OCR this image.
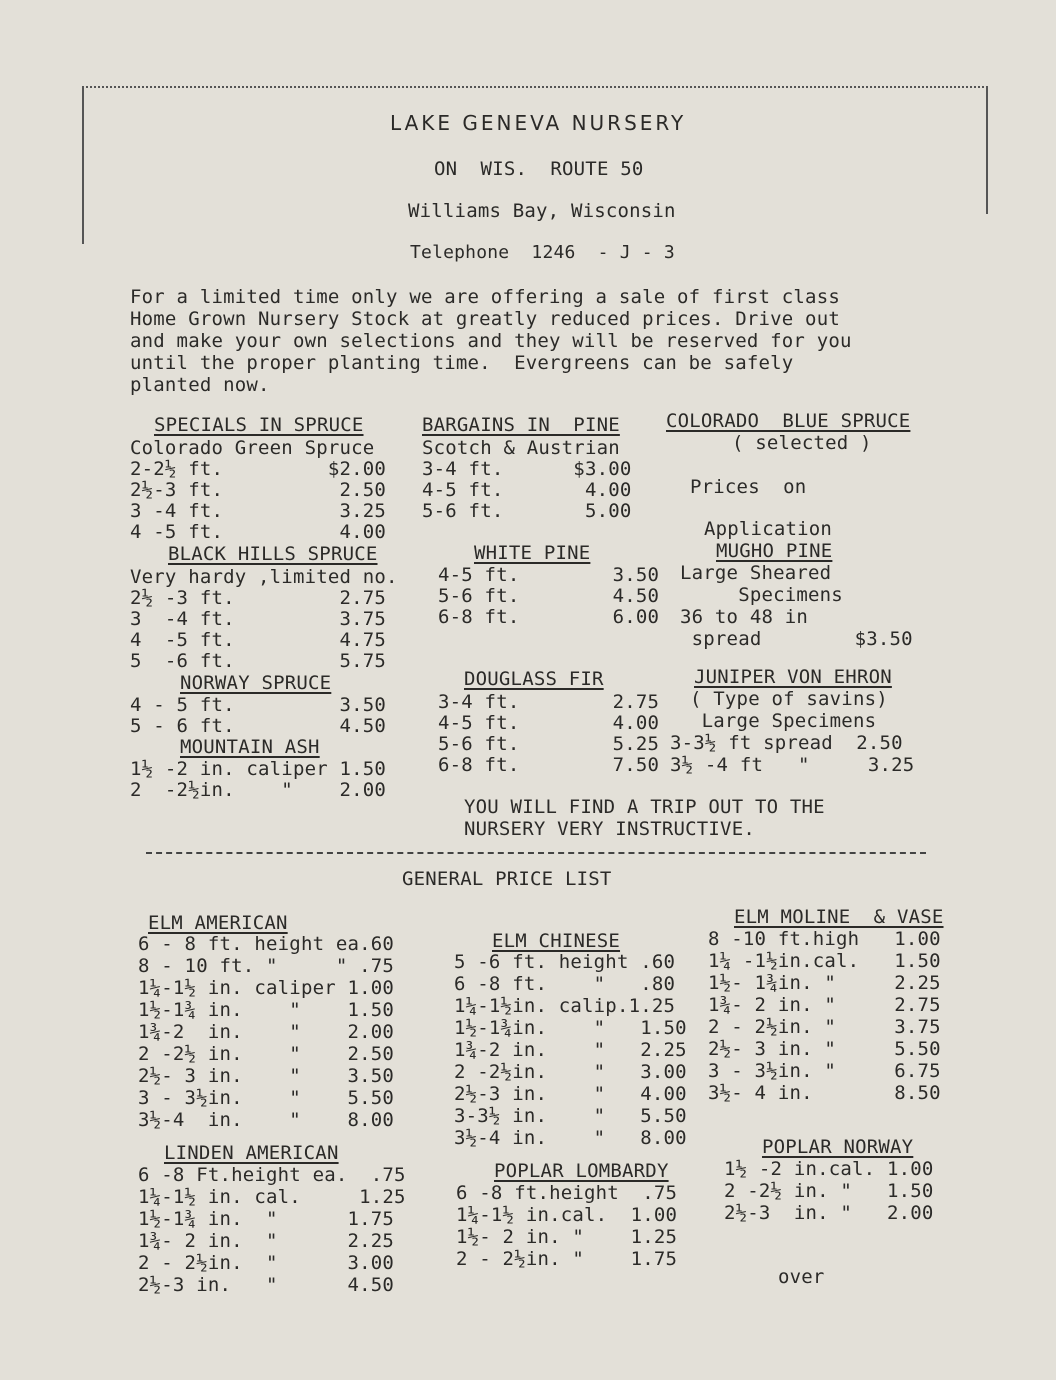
LAKE GENEVA NURSERY
ON  WIS.  ROUTE 50
Williams Bay, Wisconsin
Telephone  1246  - J - 3
For a limited time only we are offering a sale of first class
Home Grown Nursery Stock at greatly reduced prices. Drive out
and make your own selections and they will be reserved for you
until the proper planting time.  Evergreens can be safely
planted now.
SPECIALS IN SPRUCE
Colorado Green Spruce
2-2½ ft.         $2.00
2½-3 ft.          2.50
3 -4 ft.          3.25
4 -5 ft.          4.00
BARGAINS IN  PINE
Scotch & Austrian
3-4 ft.      $3.00
4-5 ft.       4.00
5-6 ft.       5.00
COLORADO  BLUE SPRUCE
( selected )
Prices  on
Application
BLACK HILLS SPRUCE
Very hardy ,limited no.
2½ -3 ft.         2.75
3  -4 ft.         3.75
4  -5 ft.         4.75
5  -6 ft.         5.75
WHITE PINE
4-5 ft.        3.50
5-6 ft.        4.50
6-8 ft.        6.00
MUGHO PINE
Large Sheared
Specimens
36 to 48 in
spread        $3.50
NORWAY SPRUCE
4 - 5 ft.         3.50
5 - 6 ft.         4.50
DOUGLASS FIR
3-4 ft.        2.75
4-5 ft.        4.00
5-6 ft.        5.25
6-8 ft.        7.50
JUNIPER VON EHRON
( Type of savins)
Large Specimens
3-3½ ft spread  2.50
3½ -4 ft   "     3.25
MOUNTAIN ASH
1½ -2 in. caliper 1.50
2  -2½in.    "    2.00
YOU WILL FIND A TRIP OUT TO THE
NURSERY VERY INSTRUCTIVE.
GENERAL PRICE LIST
ELM AMERICAN
6 - 8 ft. height ea.60
8 - 10 ft. "     " .75
1¼-1½ in. caliper 1.00
1½-1¾ in.    "    1.50
1¾-2  in.    "    2.00
2 -2½ in.    "    2.50
2½- 3 in.    "    3.50
3 - 3½in.    "    5.50
3½-4  in.    "    8.00
ELM CHINESE
5 -6 ft. height .60
6 -8 ft.    "   .80
1¼-1½in. calip.1.25
1½-1¾in.    "   1.50
1¾-2 in.    "   2.25
2 -2½in.    "   3.00
2½-3 in.    "   4.00
3-3½ in.    "   5.50
3½-4 in.    "   8.00
ELM MOLINE  & VASE
8 -10 ft.high   1.00
1¼ -1½in.cal.   1.50
1½- 1¾in. "     2.25
1¾- 2 in. "     2.75
2 - 2½in. "     3.75
2½- 3 in. "     5.50
3 - 3½in. "     6.75
3½- 4 in.       8.50
LINDEN AMERICAN
6 -8 Ft.height ea.  .75
1¼-1½ in. cal.     1.25
1½-1¾ in.  "      1.75
1¾- 2 in.  "      2.25
2 - 2½in.  "      3.00
2½-3 in.   "      4.50
POPLAR LOMBARDY
6 -8 ft.height  .75
1¼-1½ in.cal.  1.00
1½- 2 in. "    1.25
2 - 2½in. "    1.75
POPLAR NORWAY
1½ -2 in.cal. 1.00
2 -2½ in. "   1.50
2½-3  in. "   2.00
over
